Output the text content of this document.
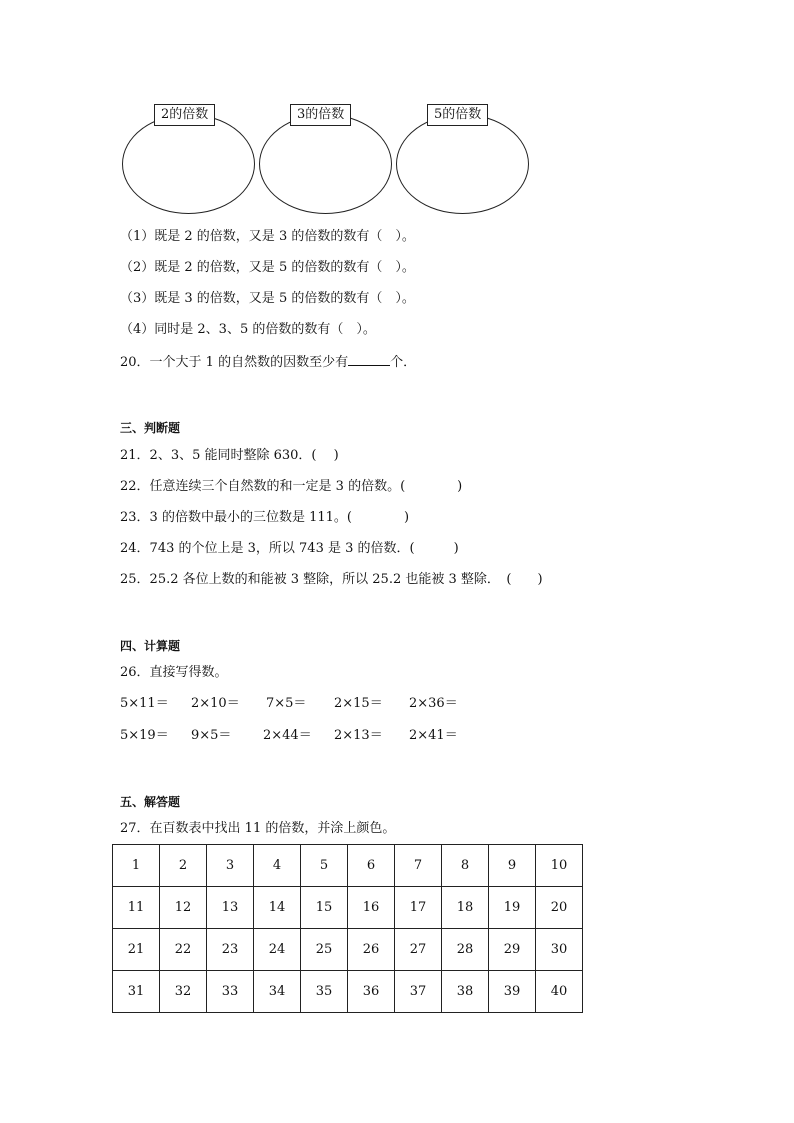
2的倍数	3的倍数	5的倍数
（1）既是 2 的倍数，又是 3 的倍数的数有（　）。
（2）既是 2 的倍数，又是 5 的倍数的数有（　）。
（3）既是 3 的倍数，又是 5 的倍数的数有（　）。
（4）同时是 2、3、5 的倍数的数有（　）。
20．一个大于 1 的自然数的因数至少有	个．
三、判断题
21．2、3、5 能同时整除 630．(　 )
22．任意连续三个自然数的和一定是 3 的倍数。(　　　　)
23．3 的倍数中最小的三位数是 111。(　　　　)
24．743 的个位上是 3，所以 743 是 3 的倍数．(　　　)
25．25.2 各位上数的和能被 3 整除，所以 25.2 也能被 3 整除．　(　　)
四、计算题
26．直接写得数。
5×11＝ 2×10＝ 7×5＝ 2×15＝ 2×36＝
5×19＝ 9×5＝ 2×44＝ 2×13＝ 2×41＝
五、解答题
27．在百数表中找出 11 的倍数，并涂上颜色。
1	2	3	4	5	6	7	8	9	10
11	12	13	14	15	16	17	18	19	20
21	22	23	24	25	26	27	28	29	30
31	32	33	34	35	36	37	38	39	40
